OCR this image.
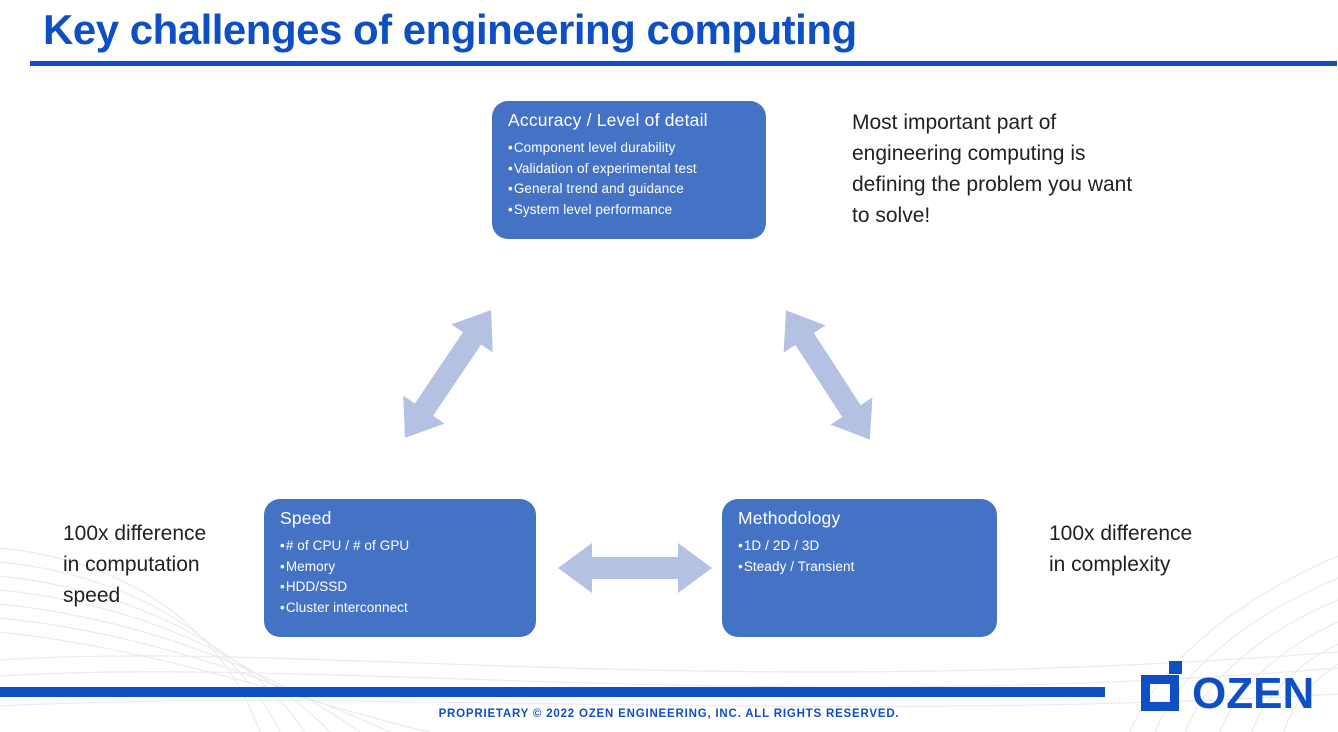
Key challenges of engineering computing
Accuracy / Level of detail
• Component level durability
• Validation of experimental test
• General trend and guidance
• System level performance
Speed
• # of CPU / # of GPU
• Memory
• HDD/SSD
• Cluster interconnect
Methodology
• 1D / 2D / 3D
• Steady / Transient
Most important part of
engineering computing is
defining the problem you want
to solve!
100x difference
in computation
speed
100x difference
in complexity
PROPRIETARY © 2022 OZEN ENGINEERING, INC. ALL RIGHTS RESERVED.	OZEN
